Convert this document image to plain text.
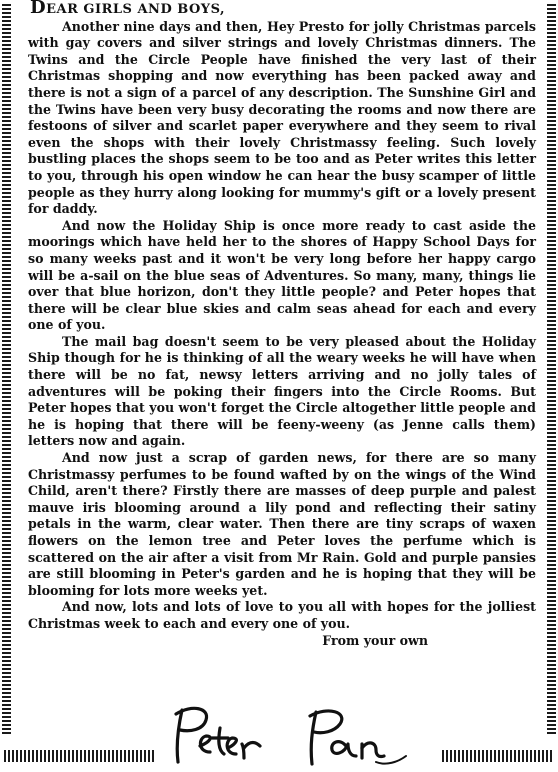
DEAR GIRLS AND BOYS,

Another nine days and then, Hey Presto for jolly Christmas parcels with gay covers and silver strings and lovely Christmas dinners. The Twins and the Circle People have finished the very last of their Christmas shopping and now everything has been packed away and there is not a sign of a parcel of any description. The Sunshine Girl and the Twins have been very busy decorating the rooms and now there are festoons of silver and scarlet paper everywhere and they seem to rival even the shops with their lovely Christmassy feeling. Such lovely bustling places the shops seem to be too and as Peter writes this letter to you, through his open window he can hear the busy scamper of little people as they hurry along looking for mummy's gift or a lovely present for daddy.

And now the Holiday Ship is once more ready to cast aside the moorings which have held her to the shores of Happy School Days for so many weeks past and it won't be very long before her happy cargo will be a-sail on the blue seas of Adventures. So many, many, things lie over that blue horizon, don't they little people? and Peter hopes that there will be clear blue skies and calm seas ahead for each and every one of you.

The mail bag doesn't seem to be very pleased about the Holiday Ship though for he is thinking of all the weary weeks he will have when there will be no fat, newsy letters arriving and no jolly tales of adventures will be poking their fingers into the Circle Rooms. But Peter hopes that you won't forget the Circle altogether little people and he is hoping that there will be feeny-weeny (as Jenne calls them) letters now and again.

And now just a scrap of garden news, for there are so many Christmassy perfumes to be found wafted by on the wings of the Wind Child, aren't there? Firstly there are masses of deep purple and palest mauve iris blooming around a lily pond and reflecting their satiny petals in the warm, clear water. Then there are tiny scraps of waxen flowers on the lemon tree and Peter loves the perfume which is scattered on the air after a visit from Mr Rain. Gold and purple pansies are still blooming in Peter's garden and he is hoping that they will be blooming for lots more weeks yet.

And now, lots and lots of love to you all with hopes for the jolliest Christmas week to each and every one of you.

From your own
